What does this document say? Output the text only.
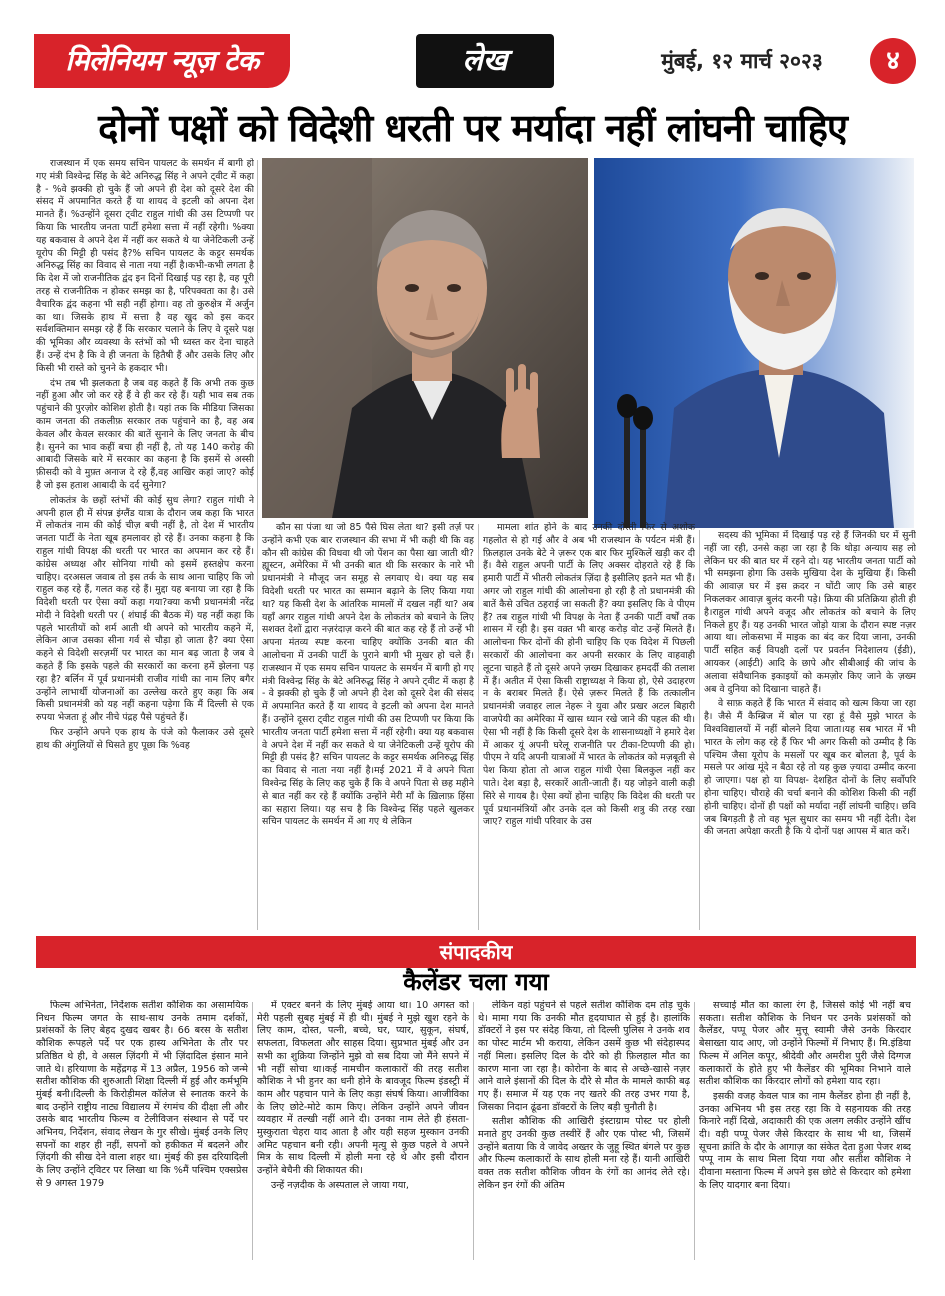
मिलेनियम न्यूज़ टेक	लेख	मुंबई, १२ मार्च २०२३	४
दोनों पक्षों को विदेशी धरती पर मर्यादा नहीं लांघनी चाहिए

राजस्थान में एक समय सचिन पायलट के समर्थन में बागी हो गए मंत्री विश्वेन्द्र सिंह के बेटे अनिरुद्ध सिंह ने अपने ट्वीट में कहा है - %वे झक्की हो चुके हैं जो अपने ही देश को दूसरे देश की संसद में अपमानित करते हैं या शायद वे इटली को अपना देश मानते हैं। %उन्होंने दूसरा ट्वीट राहुल गांधी की उस टिप्पणी पर किया कि भारतीय जनता पार्टी हमेशा सत्ता में नहीं रहेगी। %क्या यह बकवास वे अपने देश में नहीं कर सकते थे या जेनेटिकली उन्हें यूरोप की मिट्टी ही पसंद है?% सचिन पायलट के कट्टर समर्थक अनिरुद्ध सिंह का विवाद से नाता नया नहीं है।कभी-कभी लगता है कि देश में जो राजनीतिक द्वंद इन दिनों दिखाई पड़ रहा है, वह पूरी तरह से राजनीतिक न होकर समझ का है, परिपक्वता का है। उसे वैचारिक द्वंद कहना भी सही नहीं होगा। वह तो कुरुक्षेत्र में अर्जुन का था। जिसके हाथ में सत्ता है वह खुद को इस कदर सर्वशक्तिमान समझ रहे हैं कि सरकार चलाने के लिए वे दूसरे पक्ष की भूमिका और व्यवस्था के स्तंभों को भी ध्वस्त कर देना चाहते हैं। उन्हें दंभ है कि वे ही जनता के हितैषी हैं और उसके लिए और किसी भी रास्ते को चुनने के हकदार भी।

दंभ तब भी झलकता है जब वह कहते हैं कि अभी तक कुछ नहीं हुआ और जो कर रहे हैं वे ही कर रहे हैं। यही भाव सब तक पहुंचाने की पुरज़ोर कोशिश होती है। यहां तक कि मीडिया जिसका काम जनता की तकलीफ़ सरकार तक पहुंचाने का है, वह अब केवल और केवल सरकार की बातें सुनाने के लिए जनता के बीच है। सुनने का भाव कहीं बचा ही नहीं है, तो यह 140 करोड़ की आबादी जिसके बारे में सरकार का कहना है कि इसमें से अस्सी फ़ीसदी को वे मुफ़्त अनाज दे रहे हैं,वह आखिर कहां जाए? कोई है जो इस हताश आबादी के दर्द सुनेगा?

लोकतंत्र के छहों स्तंभों की कोई सुध लेगा? राहुल गांधी ने अपनी हाल ही में संपन्न इंग्लैंड यात्रा के दौरान जब कहा कि भारत में लोकतंत्र नाम की कोई चीज़ बची नहीं है, तो देश में भारतीय जनता पार्टी के नेता खूब हमलावर हो रहे हैं। उनका कहना है कि राहुल गांधी विपक्ष की धरती पर भारत का अपमान कर रहे हैं। कांग्रेस अध्यक्ष और सोनिया गांधी को इसमें हस्तक्षेप करना चाहिए। दरअसल जवाब तो इस तर्क के साथ आना चाहिए कि जो राहुल कह रहे हैं, गलत कह रहे हैं। मुद्दा यह बनाया जा रहा है कि विदेशी धरती पर ऐसा क्यों कहा गया?क्या कभी प्रधानमंत्री नरेंद्र मोदी ने विदेशी धरती पर ( शंघाई की बैठक में) यह नहीं कहा कि पहले भारतीयों को शर्म आती थी अपने को भारतीय कहने में, लेकिन आज उसका सीना गर्व से चौड़ा हो जाता है? क्या ऐसा कहने से विदेशी सरज़मीं पर भारत का मान बढ़ जाता है जब वे कहते हैं कि इसके पहले की सरकारों का करना हमें झेलना पड़ रहा है? बर्लिन में पूर्व प्रधानमंत्री राजीव गांधी का नाम लिए बगैर उन्होंने लाभार्थी योजनाओं का उल्लेख करते हुए कहा कि अब किसी प्रधानमंत्री को यह नहीं कहना पड़ेगा कि मैं दिल्ली से एक रुपया भेजता हूं और नीचे पंद्रह पैसे पहुंचते हैं।

फिर उन्होंने अपने एक हाथ के पंजे को फैलाकर उसे दूसरे हाथ की अंगुलियों से घिसते हुए पूछा कि %वह

कौन सा पंजा था जो 85 पैसे घिस लेता था? इसी तर्ज़ पर उन्होंने कभी एक बार राजस्थान की सभा में भी कही थी कि वह कौन सी कांग्रेस की विधवा थी जो पेंशन का पैसा खा जाती थी? ह्यूस्टन, अमेरिका में भी उनकी बात थी कि सरकार के नारे भी प्रधानमंत्री ने मौजूद जन समूह से लगवाए थे। क्या यह सब विदेशी धरती पर भारत का सम्मान बढ़ाने के लिए किया गया था? यह किसी देश के आंतरिक मामलों में दखल नहीं था? अब यहाँ अगर राहुल गांधी अपने देश के लोकतंत्र को बचाने के लिए सशक्त देशों द्वारा नज़रंदाज़ करने की बात कह रहे हैं तो उन्हें भी अपना मंतव्य स्पष्ट करना चाहिए क्योंकि उनकी बात की आलोचना में उनकी पार्टी के पुराने बागी भी मुखर हो चले हैं।राजस्थान में एक समय सचिन पायलट के समर्थन में बागी हो गए मंत्री विश्वेन्द्र सिंह के बेटे अनिरुद्ध सिंह ने अपने ट्वीट में कहा है - वे झक्की हो चुके हैं जो अपने ही देश को दूसरे देश की संसद में अपमानित करते हैं या शायद वे इटली को अपना देश मानते हैं। उन्होंने दूसरा ट्वीट राहुल गांधी की उस टिप्पणी पर किया कि भारतीय जनता पार्टी हमेशा सत्ता में नहीं रहेगी। क्या यह बकवास वे अपने देश में नहीं कर सकते थे या जेनेटिकली उन्हें यूरोप की मिट्टी ही पसंद है? सचिन पायलट के कट्टर समर्थक अनिरुद्ध सिंह का विवाद से नाता नया नहीं है।मई 2021 में वे अपने पिता विश्वेन्द्र सिंह के लिए कह चुके हैं कि वे अपने पिता से छह महीने से बात नहीं कर रहे हैं क्योंकि उन्होंने मेरी माँ के ख़िलाफ़ हिंसा का सहारा लिया। यह सच है कि विश्वेन्द्र सिंह पहले खुलकर सचिन पायलट के समर्थन में आ गए थे लेकिन

मामला शांत होने के बाद उनकी दोस्ती फिर से अशोक गहलोत से हो गई और वे अब भी राजस्थान के पर्यटन मंत्री हैं। फ़िलहाल उनके बेटे ने ज़रूर एक बार फिर मुश्किलें खड़ी कर दी हैं। वैसे राहुल अपनी पार्टी के लिए अक्सर दोहराते रहे हैं कि हमारी पार्टी में भीतरी लोकतंत्र ज़िंदा है इसीलिए इतने मत भी हैं।अगर जो राहुल गांधी की आलोचना हो रही है तो प्रधानमंत्री की बातें कैसे उचित ठहराई जा सकती हैं? क्या इसलिए कि वे पीएम हैं? तब राहुल गांधी भी विपक्ष के नेता हैं उनकी पार्टी वर्षों तक शासन में रही है। इस वक़्त भी बारह करोड़ वोट उन्हें मिलते हैं। आलोचना फिर दोनों की होनी चाहिए कि एक विदेश में पिछली सरकारों की आलोचना कर अपनी सरकार के लिए वाहवाही लूटना चाहते हैं तो दूसरे अपने ज़ख्म दिखाकर हमदर्दी की तलाश में हैं। अतीत में ऐसा किसी राष्ट्राध्यक्ष ने किया हो, ऐसे उदाहरण न के बराबर मिलते हैं। ऐसे ज़रूर मिलते हैं कि तत्कालीन प्रधानमंत्री जवाहर लाल नेहरू ने युवा और प्रखर अटल बिहारी वाजपेयी का अमेरिका में खास ध्यान रखे जाने की पहल की थी। ऐसा भी नहीं है कि किसी दूसरे देश के शासनाध्यक्षों ने हमारे देश में आकर यूं अपनी घरेलू राजनीति पर टीका-टिप्पणी की हो।पीएम ने यदि अपनी यात्राओं में भारत के लोकतंत्र को मज़बूती से पेश किया होता तो आज राहुल गांधी ऐसा बिलकुल नहीं कर पाते। देश बड़ा है, सरकारें आती-जाती हैं। यह जोड़ने वाली कड़ी सिरे से गायब है। ऐसा क्यों होना चाहिए कि विदेश की धरती पर पूर्व प्रधानमंत्रियों और उनके दल को किसी शत्रु की तरह रखा जाए? राहुल गांधी परिवार के उस

सदस्य की भूमिका में दिखाई पड़ रहे हैं जिनकी घर में सुनी नहीं जा रही, उनसे कहा जा रहा है कि थोड़ा अन्याय सह लो लेकिन घर की बात घर में रहने दो। यह भारतीय जनता पार्टी को भी समझना होगा कि उसके मुखिया देश के मुखिया हैं। किसी की आवाज़ घर में इस क़दर न घोंटी जाए कि उसे बाहर निकलकर आवाज़ बुलंद करनी पड़े। क्रिया की प्रतिक्रिया होती ही है।राहुल गांधी अपने वजूद और लोकतंत्र को बचाने के लिए निकले हुए हैं। यह उनकी भारत जोड़ो यात्रा के दौरान स्पष्ट नज़र आया था। लोकसभा में माइक का बंद कर दिया जाना, उनकी पार्टी सहित कई विपक्षी दलों पर प्रवर्तन निदेशालय (ईडी), आयकर (आईटी) आदि के छापे और सीबीआई की जांच के अलावा संवैधानिक इकाइयों को कमज़ोर किए जाने के ज़ख्म अब वे दुनिया को दिखाना चाहते हैं।

वे साफ़ कहते हैं कि भारत में संवाद को खत्म किया जा रहा है। जैसे मैं कैम्ब्रिज में बोल पा रहा हूं वैसे मुझे भारत के विश्वविद्यालयों में नहीं बोलने दिया जाता।यह सब भारत में भी भारत के लोग कह रहे हैं फिर भी अगर किसी को उम्मीद है कि पश्चिम जैसा यूरोप के मसलों पर खूब कर बोलता है, पूर्व के मसले पर आंख मूंदे न बैठा रहे तो यह कुछ ज़्यादा उम्मीद करना हो जाएगा। पक्ष हो या विपक्ष- देशहित दोनों के लिए सर्वोपरि होना चाहिए। चौराहे की चर्चा बनाने की कोशिश किसी की नहीं होनी चाहिए। दोनों ही पक्षों को मर्यादा नहीं लांघनी चाहिए। छवि जब बिगड़ती है तो वह भूल सुधार का समय भी नहीं देती। देश की जनता अपेक्षा करती है कि ये दोनों पक्ष आपस में बात करें।

संपादकीय
कैलेंडर चला गया

फिल्म अभिनेता, निर्देशक सतीश कौशिक का असामयिक निधन फिल्म जगत के साथ-साथ उनके तमाम दर्शकों, प्रशंसकों के लिए बेहद दुखद खबर है। 66 बरस के सतीश कौशिक रूपहले पर्दे पर एक हास्य अभिनेता के तौर पर प्रतिष्ठित थे ही, वे असल ज़िंदगी में भी ज़िंदादिल इंसान माने जाते थे। हरियाणा के महेंद्रगढ़ में 13 अप्रैल, 1956 को जन्मे सतीश कौशिक की शुरुआती शिक्षा दिल्ली में हुई और कर्मभूमि मुंबई बनी।दिल्ली के किरोड़ीमल कॉलेज से स्नातक करने के बाद उन्होंने राष्ट्रीय नाट्य विद्यालय में रंगमंच की दीक्षा ली और उसके बाद भारतीय फिल्म व टेलीविजन संस्थान से पर्दे पर अभिनय, निर्देशन, संवाद लेखन के गुर सीखे। मुंबई उनके लिए सपनों का शहर ही नहीं, सपनों को हकीकत में बदलने और ज़िंदगी की सीख देने वाला शहर था। मुंबई की इस दरियादिली के लिए उन्होंने ट्विटर पर लिखा था कि %मैं पश्चिम एक्सप्रेस से 9 अगस्त 1979

में एक्टर बनने के लिए मुंबई आया था। 10 अगस्त को मेरी पहली सुबह मुंबई में ही थी। मुंबई ने मुझे खुश रहने के लिए काम, दोस्त, पत्नी, बच्चे, घर, प्यार, सुकून, संघर्ष, सफलता, विफलता और साहस दिया। सुप्रभात मुंबई और उन सभी का शुक्रिया जिन्होंने मुझे वो सब दिया जो मैंने सपने में भी नहीं सोचा था।कई नामचीन कलाकारों की तरह सतीश कौशिक ने भी हुनर का धनी होने के बावजूद फिल्म इंडस्ट्री में काम और पहचान पाने के लिए कड़ा संघर्ष किया। आजीविका के लिए छोटे-मोटे काम किए। लेकिन उन्होंने अपने जीवन व्यवहार में तल्खी नहीं आने दी। उनका नाम लेते ही हंसता-मुस्कुराता चेहरा याद आता है और यही सहज मुस्कान उनकी अमिट पहचान बनी रही। अपनी मृत्यु से कुछ पहले वे अपने मित्र के साथ दिल्ली में होली मना रहे थे और इसी दौरान उन्होंने बेचैनी की शिकायत की।

उन्हें नज़दीक के अस्पताल ले जाया गया,

लेकिन वहां पहुंचने से पहले सतीश कौशिक दम तोड़ चुके थे। मामा गया कि उनकी मौत हृदयाघात से हुई है। हालांकि डॉक्टरों ने इस पर संदेह किया, तो दिल्ली पुलिस ने उनके शव का पोस्ट मार्टम भी कराया, लेकिन उसमें कुछ भी संदेहास्पद नहीं मिला। इसलिए दिल के दौरे को ही फ़िलहाल मौत का कारण माना जा रहा है। कोरोना के बाद से अच्छे-खासे नज़र आने वाले इंसानों की दिल के दौरे से मौत के मामले काफी बढ़ गए हैं। समाज में यह एक नए खतरे की तरह उभर गया है, जिसका निदान ढूंढना डॉक्टरों के लिए बड़ी चुनौती है।

सतीश कौशिक की आखिरी इंस्टाग्राम पोस्ट पर होली मनाते हुए उनकी कुछ तस्वीरें हैं और एक पोस्ट भी, जिसमें उन्होंने बताया कि वे जावेद अख्तर के जुहू स्थित बंगले पर कुछ और फिल्म कलाकारों के साथ होली मना रहे हैं। यानी आखिरी वक्त तक सतीश कौशिक जीवन के रंगों का आनंद लेते रहे। लेकिन इन रंगों की अंतिम

सच्चाई मौत का काला रंग है, जिससे कोई भी नहीं बच सकता। सतीश कौशिक के निधन पर उनके प्रशंसकों को कैलेंडर, पप्पू पेजर और मुत्तू स्वामी जैसे उनके किरदार बेसाख्ता याद आए, जो उन्होंने फिल्मों में निभाए हैं। मि.इंडिया फिल्म में अनिल कपूर, श्रीदेवी और अमरीश पुरी जैसे दिग्गज कलाकारों के होते हुए भी कैलेंडर की भूमिका निभाने वाले सतीश कौशिक का किरदार लोगों को हमेशा याद रहा।

इसकी वजह केवल पात्र का नाम कैलेंडर होना ही नहीं है, उनका अभिनय भी इस तरह रहा कि वे सहनायक की तरह किनारे नहीं दिखे, अदाकारी की एक अलग लकीर उन्होंने खींच दी। वही पप्पू पेजर जैसे किरदार के साथ भी था, जिसमें सूचना क्रांति के दौर के आगाज़ का संकेत देता हुआ पेजर शब्द पप्पू नाम के साथ मिला दिया गया और सतीश कौशिक ने दीवाना मस्ताना फिल्म में अपने इस छोटे से किरदार को हमेशा के लिए यादगार बना दिया।
